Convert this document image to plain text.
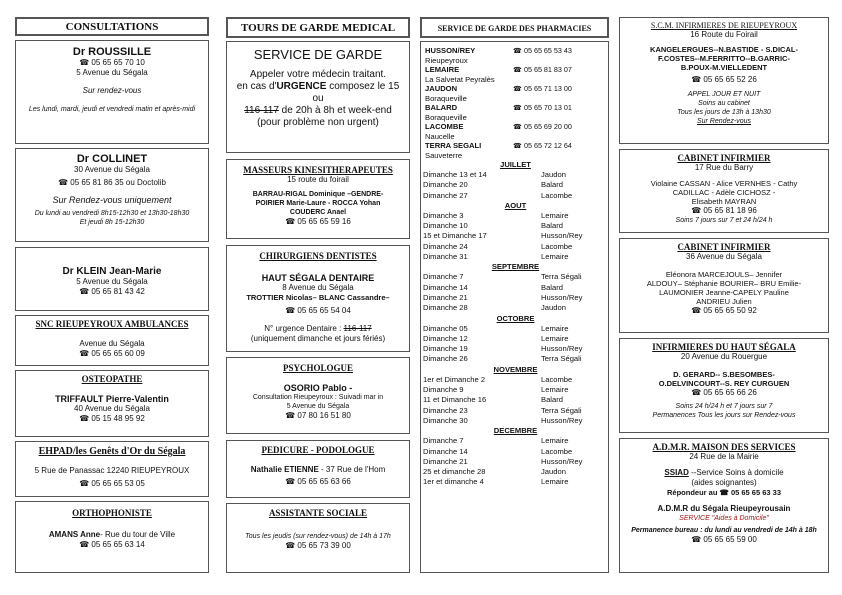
CONSULTATIONS
Dr ROUSSILLE
☎ 05 65 65 70 10
5 Avenue du Ségala
Sur rendez-vous
Les lundi, mardi, jeudi et vendredi matin et après-midi
Dr COLLINET
30 Avenue du Ségala
☎ 05 65 81 86 35 ou Doctolib
Sur Rendez-vous uniquement
Du lundi au vendredi 8h15-12h30 et 13h30-18h30
Et jeudi 8h 15-12h30
Dr KLEIN Jean-Marie
5 Avenue du Ségala
☎ 05 65 81 43 42
SNC RIEUPEYROUX AMBULANCES
Avenue du Ségala
☎ 05 65 65 60 09
OSTEOPATHE
TRIFFAULT Pierre-Valentin
40 Avenue du Ségala
☎ 05 15 48 95 92
EHPAD/les Genêts d'Or du Ségala
5 Rue de Panassac 12240 RIEUPEYROUX
☎ 05 65 65 53 05
ORTHOPHONISTE
AMANS Anne- Rue du tour de Ville
☎ 05 65 65 63 14
TOURS DE GARDE MEDICAL
SERVICE DE GARDE
Appeler votre médecin traitant.
en cas d'URGENCE composez le 15
ou
116 117 de 20h à 8h et week-end
(pour problème non urgent)
MASSEURS KINESITHERAPEUTES
15 route du foirail
BARRAU-RIGAL Dominique –GENDRE-
POIRIER Marie-Laure - ROCCA Yohan
COUDERC Anael
☎ 05 65 65 59 16
CHIRURGIENS DENTISTES
HAUT SÉGALA DENTAIRE
8 Avenue du Ségala
TROTTIER Nicolas– BLANC Cassandre–
☎ 05 65 65 54 04
N° urgence Dentaire : 116-117
(uniquement dimanche et jours fériés)
PSYCHOLOGUE
OSORIO Pablo -
Consultation Rieupeyroux : Suivadi mar in
5 Avenue du Ségala
☎ 07 80 16 51 80
PEDICURE - PODOLOGUE
Nathalie ETIENNE - 37 Rue de l'Hom
☎ 05 65 65 63 66
ASSISTANTE SOCIALE
Tous les jeudis (sur rendez-vous) de 14h à 17h
☎ 05 65 73 39 00
SERVICE DE GARDE DES PHARMACIES
HUSSON/REY
Rieupeyroux
☎ 05 65 65 53 43
LEMAIRE
La Salvetat Peyralès
☎ 05 65 81 83 07
JAUDON
Boraqueville
☎ 05 65 71 13 00
BALARD
Boraqueville
☎ 05 65 70 13 01
LACOMBE
Naucelle
☎ 05 65 69 20 00
TERRA SEGALI
Sauveterre
☎ 05 65 72 12 64
JUILLET
Dimanche 13 et 14	Jaudon
Dimanche 20	Balard
Dimanche 27	Lacombe
AOUT
Dimanche 3	Lemaire
Dimanche 10	Balard
15 et Dimanche 17	Husson/Rey
Dimanche 24	Lacombe
Dimanche 31	Lemaire
SEPTEMBRE
Dimanche 7	Terra Ségali
Dimanche 14	Balard
Dimanche 21	Husson/Rey
Dimanche 28	Jaudon
OCTOBRE
Dimanche 05	Lemaire
Dimanche 12	Lemaire
Dimanche 19	Husson/Rey
Dimanche 26	Terra Ségali
NOVEMBRE
1er et Dimanche 2	Lacombe
Dimanche 9	Lemaire
11 et Dimanche 16	Balard
Dimanche 23	Terra Ségali
Dimanche 30	Husson/Rey
DECEMBRE
Dimanche 7	Lemaire
Dimanche 14	Lacombe
Dimanche 21	Husson/Rey
25 et dimanche 28	Jaudon
1er et dimanche 4	Lemaire
S.C.M. INFIRMIERES DE RIEUPEYROUX
16 Route du Foirail
KANGELERGUES--N.BASTIDE - S.DICAL-
F.COSTES--M.FERRITTO--B.GARRIC-
B.POUX-M.VIELLEDENT
☎ 05 65 65 52 26
APPEL JOUR ET NUIT
Soins au cabinet
Tous les jours de 13h à 13h30
Sur Rendez-vous
CABINET INFIRMIER
17 Rue du Barry
Violaine CASSAN - Alice VERNHES - Cathy
CADILLAC - Adèle CICHOSZ -
Elisabeth MAYRAN
☎ 05 65 81 18 96
Soins 7 jours sur 7 et 24 h/24 h
CABINET INFIRMIER
36 Avenue du Ségala
Eléonora MARCEJOULS– Jennifer
ALDOUY– Stéphanie BOURIER– BRU Emilie-
LAUMONIER Jeanne-CAPELY Pauline
ANDRIEU Julien
☎ 05 65 65 50 92
INFIRMIERES DU HAUT SÉGALA
20 Avenue du Rouergue
D. GERARD-- S.BESOMBES-
O.DELVINCOURT--S. REY CURGUEN
☎ 05 65 65 66 26
Soins 24 h/24 h et 7 jours sur 7
Permanences Tous les jours sur Rendez-vous
A.D.M.R. MAISON DES SERVICES
24 Rue de la Mairie
SSIAD --Service Soins à domicile
(aides soignantes)
Répondeur au ☎ 05 65 65 63 33
A.D.M.R du Ségala Rieupeyrousain
SERVICE "Aides à Domicile"
Permanence bureau : du lundi au vendredi de 14h à 18h
☎ 05 65 65 59 00
